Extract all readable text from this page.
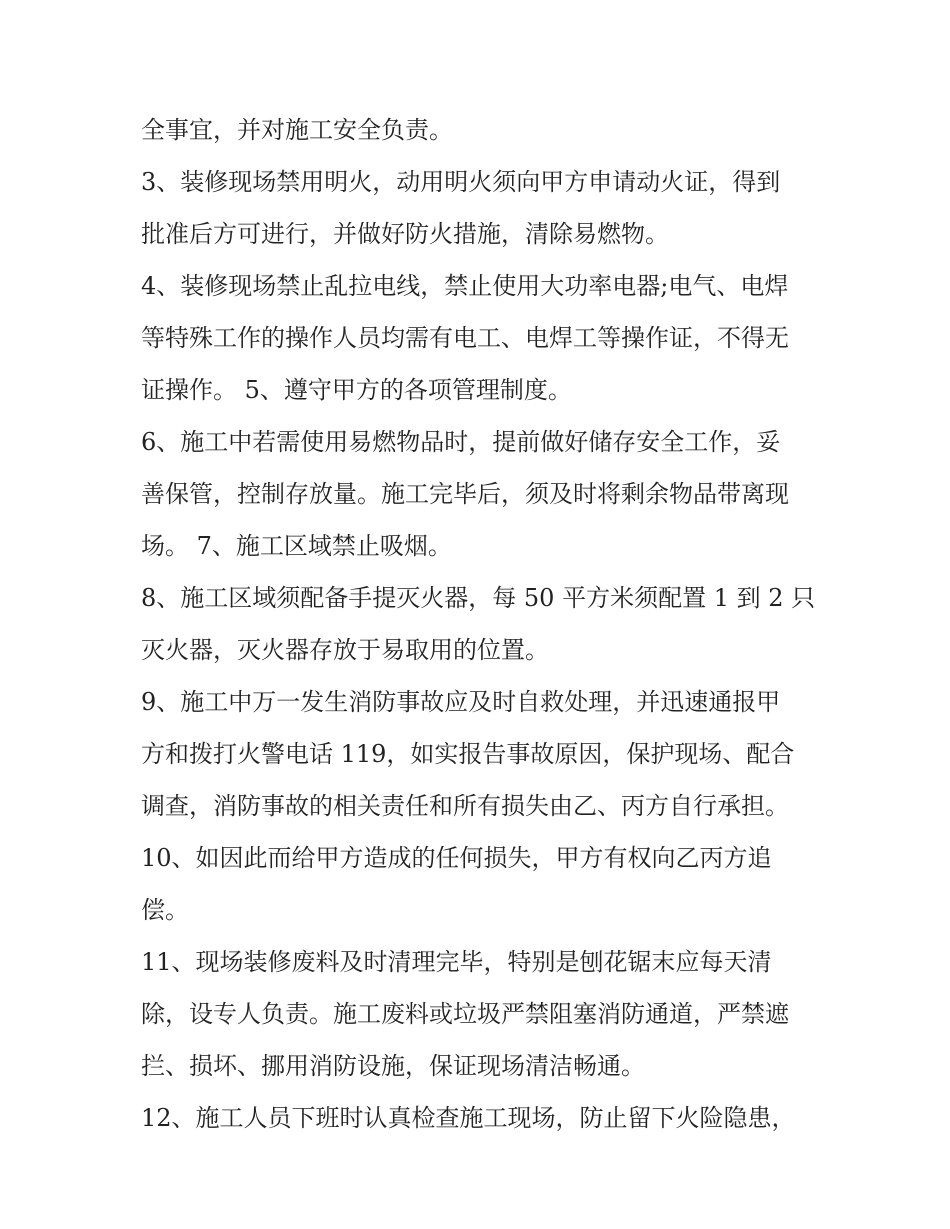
全事宜，并对施工安全负责。
3、装修现场禁用明火，动用明火须向甲方申请动火证，得到
批准后方可进行，并做好防火措施，清除易燃物。
4、装修现场禁止乱拉电线，禁止使用大功率电器;电气、电焊
等特殊工作的操作人员均需有电工、电焊工等操作证，不得无
证操作。 5、遵守甲方的各项管理制度。
6、施工中若需使用易燃物品时，提前做好储存安全工作，妥
善保管，控制存放量。施工完毕后，须及时将剩余物品带离现
场。 7、施工区域禁止吸烟。
8、施工区域须配备手提灭火器，每 50 平方米须配置 1 到 2 只
灭火器，灭火器存放于易取用的位置。
9、施工中万一发生消防事故应及时自救处理，并迅速通报甲
方和拨打火警电话 119，如实报告事故原因，保护现场、配合
调查，消防事故的相关责任和所有损失由乙、丙方自行承担。
10、如因此而给甲方造成的任何损失，甲方有权向乙丙方追
偿。
11、现场装修废料及时清理完毕，特别是刨花锯末应每天清
除，设专人负责。施工废料或垃圾严禁阻塞消防通道，严禁遮
拦、损坏、挪用消防设施，保证现场清洁畅通。
12、施工人员下班时认真检查施工现场，防止留下火险隐患，
